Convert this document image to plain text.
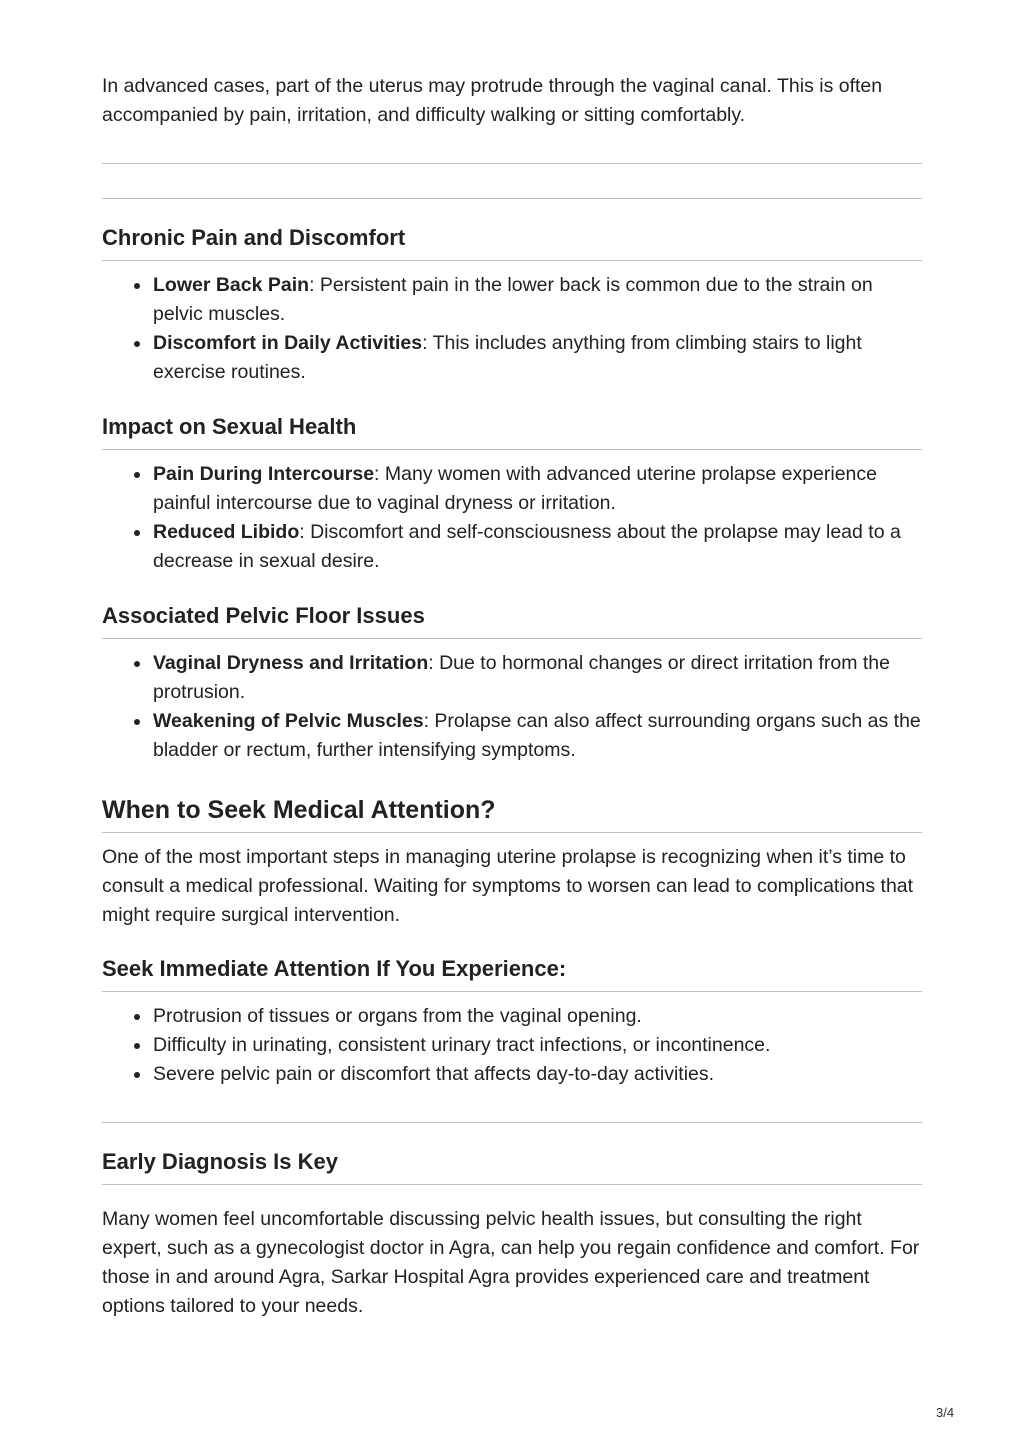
In advanced cases, part of the uterus may protrude through the vaginal canal. This is often accompanied by pain, irritation, and difficulty walking or sitting comfortably.

Chronic Pain and Discomfort
Lower Back Pain: Persistent pain in the lower back is common due to the strain on pelvic muscles.
Discomfort in Daily Activities: This includes anything from climbing stairs to light exercise routines.
Impact on Sexual Health
Pain During Intercourse: Many women with advanced uterine prolapse experience painful intercourse due to vaginal dryness or irritation.
Reduced Libido: Discomfort and self-consciousness about the prolapse may lead to a decrease in sexual desire.
Associated Pelvic Floor Issues
Vaginal Dryness and Irritation: Due to hormonal changes or direct irritation from the protrusion.
Weakening of Pelvic Muscles: Prolapse can also affect surrounding organs such as the bladder or rectum, further intensifying symptoms.
When to Seek Medical Attention?

One of the most important steps in managing uterine prolapse is recognizing when it’s time to consult a medical professional. Waiting for symptoms to worsen can lead to complications that might require surgical intervention.

Seek Immediate Attention If You Experience:
Protrusion of tissues or organs from the vaginal opening.
Difficulty in urinating, consistent urinary tract infections, or incontinence.
Severe pelvic pain or discomfort that affects day-to-day activities.
Early Diagnosis Is Key

Many women feel uncomfortable discussing pelvic health issues, but consulting the right expert, such as a gynecologist doctor in Agra, can help you regain confidence and comfort. For those in and around Agra, Sarkar Hospital Agra provides experienced care and treatment options tailored to your needs.

3/4
